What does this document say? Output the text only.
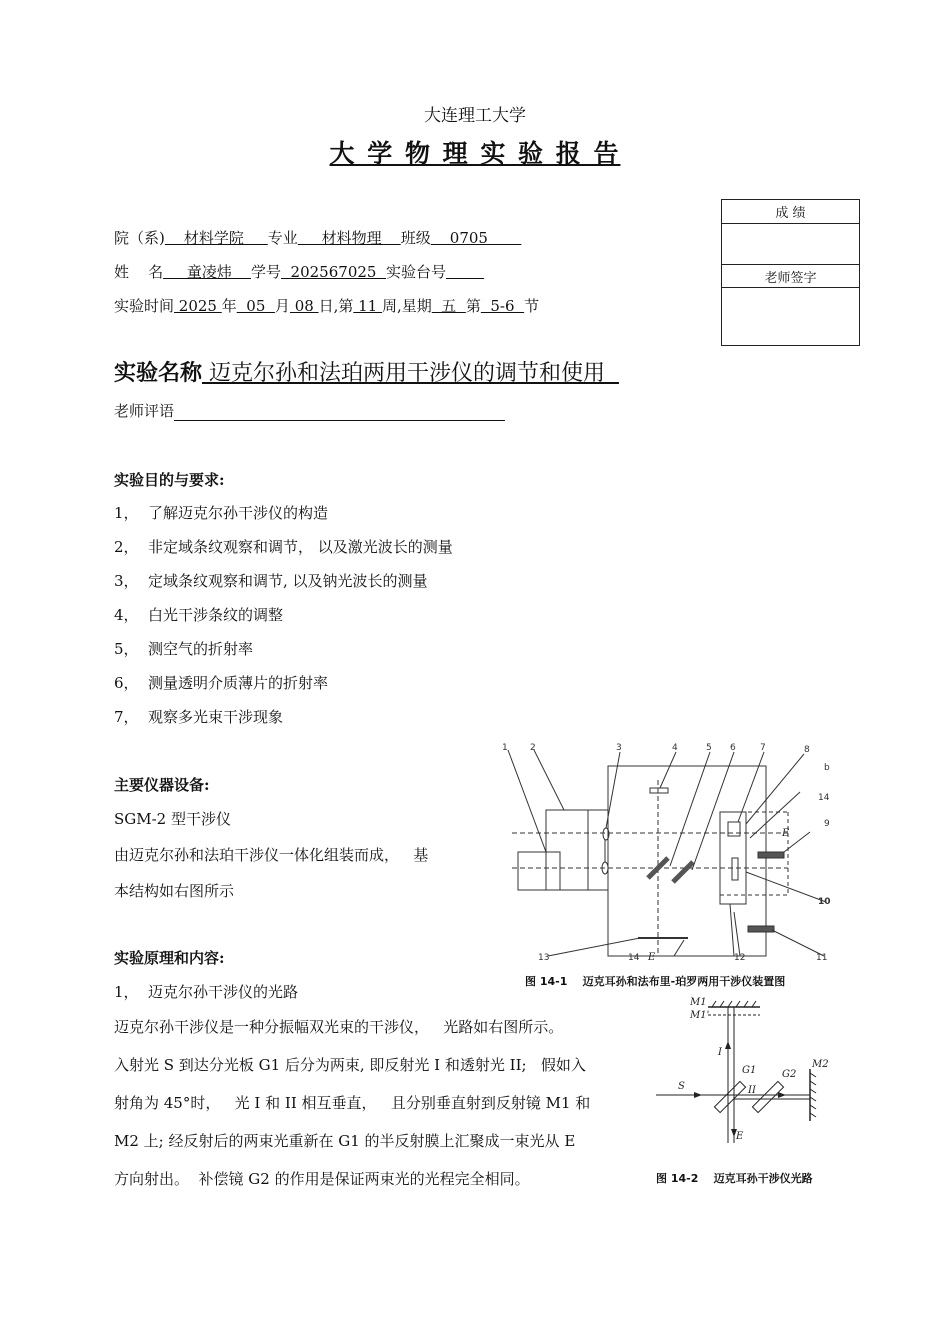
大连理工大学
大 学 物 理 实 验 报 告
成 绩

老师签字

院（系)    材料学院     专业     材料物理    班级    0705
姓    名     童凌炜    学号  202567025  实验台号
实验时间 2025 年  05  月 08 日,第 11 周,星期  五  第  5-6  节
实验名称 迈克尔孙和法珀两用干涉仪的调节和使用
老师评语
实验目的与要求:
1， 了解迈克尔孙干涉仪的构造
2， 非定域条纹观察和调节， 以及激光波长的测量
3， 定域条纹观察和调节, 以及钠光波长的测量
4， 白光干涉条纹的调整
5， 测空气的折射率
6， 测量透明介质薄片的折射率
7， 观察多光束干涉现象
主要仪器设备:
SGM-2 型干涉仪
由迈克尔孙和法珀干涉仪一体化组装而成，   基
本结构如右图所示
实验原理和内容:
1， 迈克尔孙干涉仪的光路
迈克尔孙干涉仪是一种分振幅双光束的干涉仪，   光路如右图所示。
入射光 S 到达分光板 G1 后分为两束, 即反射光 I 和透射光 II;   假如入
射角为 45°时，   光 I 和 II 相互垂直，   且分别垂直射到反射镜 M1 和
M2 上; 经反射后的两束光重新在 G1 的半反射膜上汇聚成一束光从 E
方向射出。  补偿镜 G2 的作用是保证两束光的光程完全相同。
1 2	3	4	5 6	7	8
b
14
9
10
11
12
13	14 E
E
图 14-1    迈克耳孙和法布里-珀罗两用干涉仪装置图
M1
M1'
M2
G1	G2
S
E
I
II
图 14-2    迈克耳孙干涉仪光路
